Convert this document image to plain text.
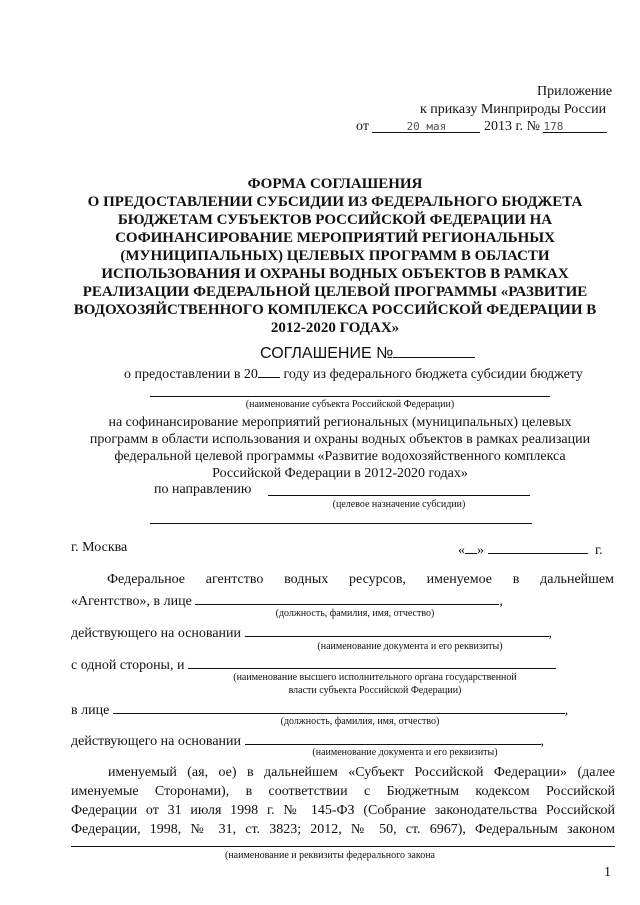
Приложение
к приказу Минприроды России
от	20 мая	2013 г. № 178
ФОРМА СОГЛАШЕНИЯ
О ПРЕДОСТАВЛЕНИИ СУБСИДИИ ИЗ ФЕДЕРАЛЬНОГО БЮДЖЕТА
БЮДЖЕТАМ СУБЪЕКТОВ РОССИЙСКОЙ ФЕДЕРАЦИИ НА
СОФИНАНСИРОВАНИЕ МЕРОПРИЯТИЙ РЕГИОНАЛЬНЫХ
(МУНИЦИПАЛЬНЫХ) ЦЕЛЕВЫХ ПРОГРАММ В ОБЛАСТИ
ИСПОЛЬЗОВАНИЯ И ОХРАНЫ ВОДНЫХ ОБЪЕКТОВ В РАМКАХ
РЕАЛИЗАЦИИ ФЕДЕРАЛЬНОЙ ЦЕЛЕВОЙ ПРОГРАММЫ «РАЗВИТИЕ
ВОДОХОЗЯЙСТВЕННОГО КОМПЛЕКСА РОССИЙСКОЙ ФЕДЕРАЦИИ В
2012-2020 ГОДАХ»
СОГЛАШЕНИЕ №
о предоставлении в 20 году из федерального бюджета субсидии бюджету
(наименование субъекта Российской Федерации)
на софинансирование мероприятий региональных (муниципальных) целевых
программ в области использования и охраны водных объектов в рамках реализации
федеральной целевой программы «Развитие водохозяйственного комплекса
Российской Федерации в 2012-2020 годах»
по направлению
(целевое назначение субсидии)
г. Москва	« »	г.
Федеральное агентство водных ресурсов, именуемое в дальнейшем
«Агентство», в лице	,
(должность, фамилия, имя, отчество)
действующего на основании	,
(наименование документа и его реквизиты)
с одной стороны, и
(наименование высшего исполнительного органа государственной
власти субъекта Российской Федерации)
в лице	,
(должность, фамилия, имя, отчество)
действующего на основании	,
(наименование документа и его реквизиты)
именуемый (ая, ое) в дальнейшем «Субъект Российской Федерации» (далее
именуемые Сторонами), в соответствии с Бюджетным кодексом Российской
Федерации от 31 июля 1998 г. № 145-ФЗ (Собрание законодательства Российской
Федерации, 1998, № 31, ст. 3823; 2012, № 50, ст. 6967), Федеральным законом
(наименование и реквизиты федерального закона
1
